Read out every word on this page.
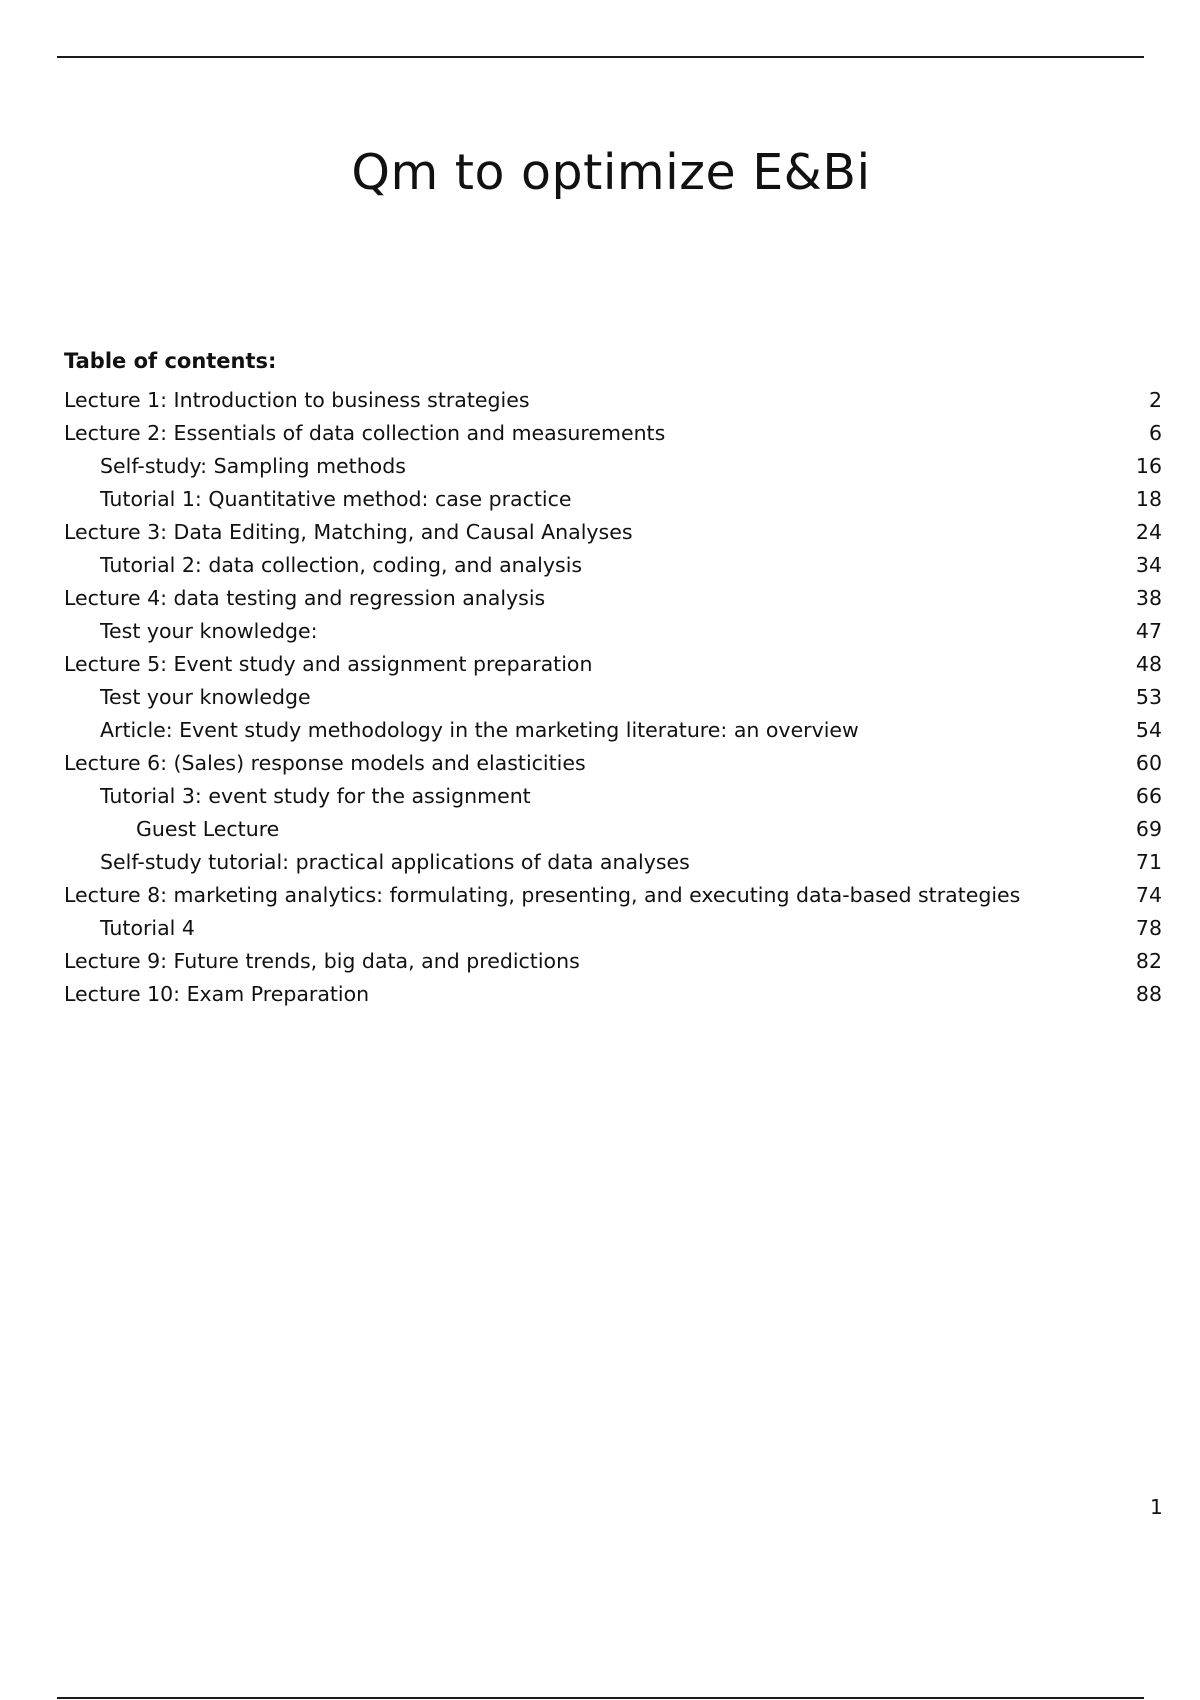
Qm to optimize E&Bi
Table of contents:
Lecture 1: Introduction to business strategies	2
Lecture 2: Essentials of data collection and measurements	6
Self-study: Sampling methods	16
Tutorial 1: Quantitative method: case practice	18
Lecture 3: Data Editing, Matching, and Causal Analyses	24
Tutorial 2: data collection, coding, and analysis	34
Lecture 4: data testing and regression analysis	38
Test your knowledge:	47
Lecture 5: Event study and assignment preparation	48
Test your knowledge	53
Article: Event study methodology in the marketing literature: an overview	54
Lecture 6: (Sales) response models and elasticities	60
Tutorial 3: event study for the assignment	66
Guest Lecture	69
Self-study tutorial: practical applications of data analyses	71
Lecture 8: marketing analytics: formulating, presenting, and executing data-based strategies	74
Tutorial 4	78
Lecture 9: Future trends, big data, and predictions	82
Lecture 10: Exam Preparation	88
1
